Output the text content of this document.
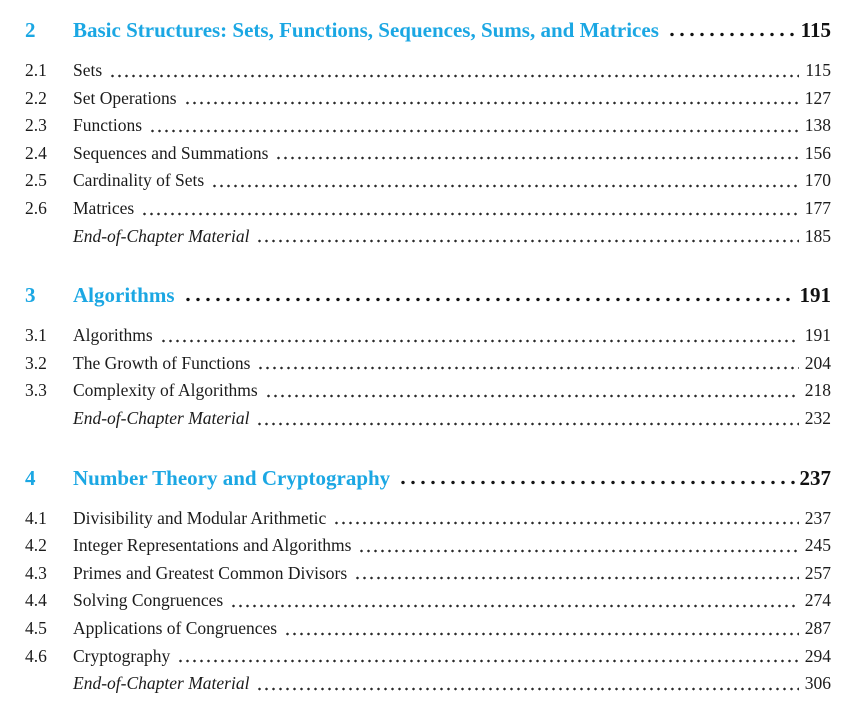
2	Basic Structures: Sets, Functions, Sequences, Sums, and Matrices	115
2.1	Sets	115
2.2	Set Operations	127
2.3	Functions	138
2.4	Sequences and Summations	156
2.5	Cardinality of Sets	170
2.6	Matrices	177
End-of-Chapter Material	185
3	Algorithms	191
3.1	Algorithms	191
3.2	The Growth of Functions	204
3.3	Complexity of Algorithms	218
End-of-Chapter Material	232
4	Number Theory and Cryptography	237
4.1	Divisibility and Modular Arithmetic	237
4.2	Integer Representations and Algorithms	245
4.3	Primes and Greatest Common Divisors	257
4.4	Solving Congruences	274
4.5	Applications of Congruences	287
4.6	Cryptography	294
End-of-Chapter Material	306
